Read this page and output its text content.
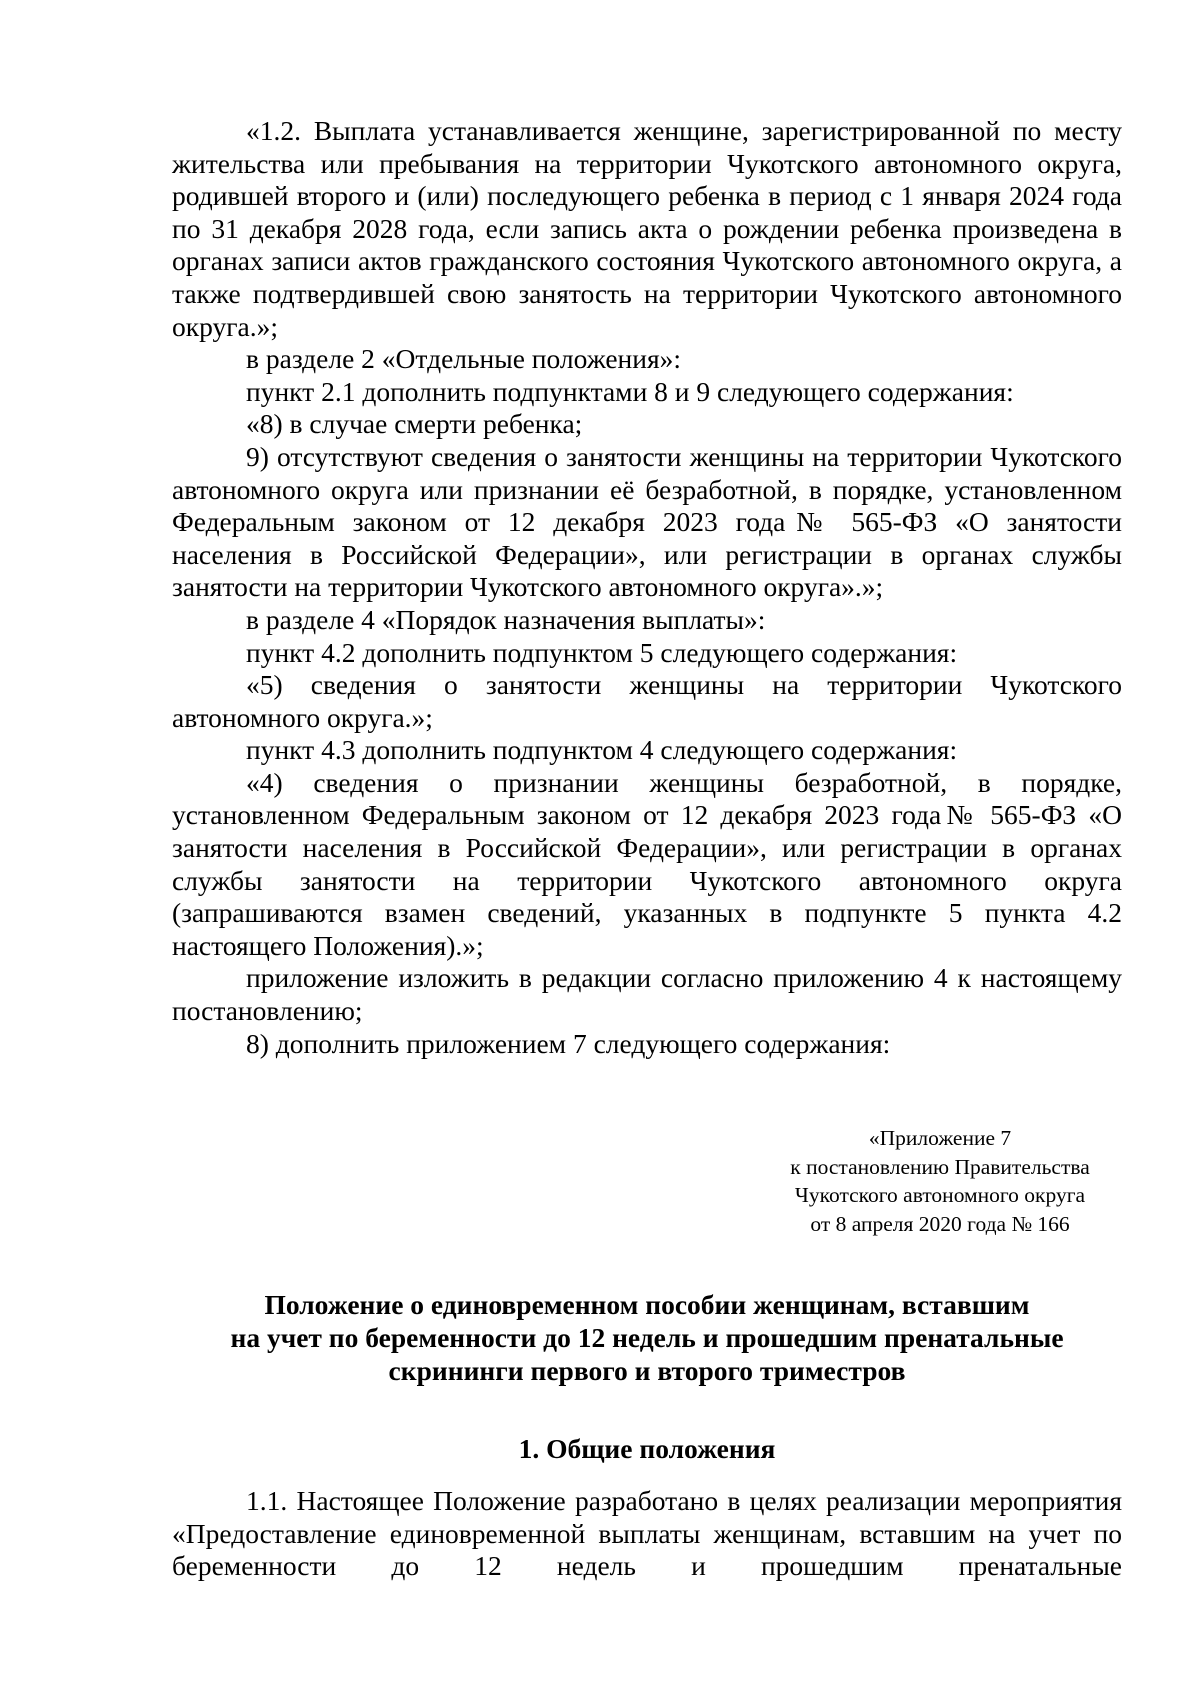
«1.2. Выплата устанавливается женщине, зарегистрированной по месту жительства или пребывания на территории Чукотского автономного округа, родившей второго и (или) последующего ребенка в период с 1 января 2024 года по 31 декабря 2028 года, если запись акта о рождении ребенка произведена в органах записи актов гражданского состояния Чукотского автономного округа, а также подтвердившей свою занятость на территории Чукотского автономного округа.»;

в разделе 2 «Отдельные положения»:

пункт 2.1 дополнить подпунктами 8 и 9 следующего содержания:

«8) в случае смерти ребенка;

9) отсутствуют сведения о занятости женщины на территории Чукотского автономного округа или признании её безработной, в порядке, установленном Федеральным законом от 12 декабря 2023 года№ 565-ФЗ «О занятости населения в Российской Федерации», или регистрации в органах службы занятости на территории Чукотского автономного округа».»;

в разделе 4 «Порядок назначения выплаты»:

пункт 4.2 дополнить подпунктом 5 следующего содержания:

«5) сведения о занятости женщины на территории Чукотского автономного округа.»;

пункт 4.3 дополнить подпунктом 4 следующего содержания:

«4) сведения о признании женщины безработной, в порядке, установленном Федеральным законом от 12 декабря 2023 года№ 565-ФЗ «О занятости населения в Российской Федерации», или регистрации в органах службы занятости на территории Чукотского автономного округа (запрашиваются взамен сведений, указанных в подпункте 5 пункта 4.2 настоящего Положения).»;

приложение изложить в редакции согласно приложению 4 к настоящему постановлению;

8) дополнить приложением 7 следующего содержания:

«Приложение 7
к постановлению Правительства
Чукотского автономного округа
от 8 апреля 2020 года № 166
Положение о единовременном пособии женщинам, вставшим
на учет по беременности до 12 недель и прошедшим пренатальные
скрининги первого и второго триместров
1. Общие положения

1.1. Настоящее Положение разработано в целях реализации мероприятия «Предоставление единовременной выплаты женщинам, вставшим на учет по беременности до 12 недель и прошедшим пренатальные
